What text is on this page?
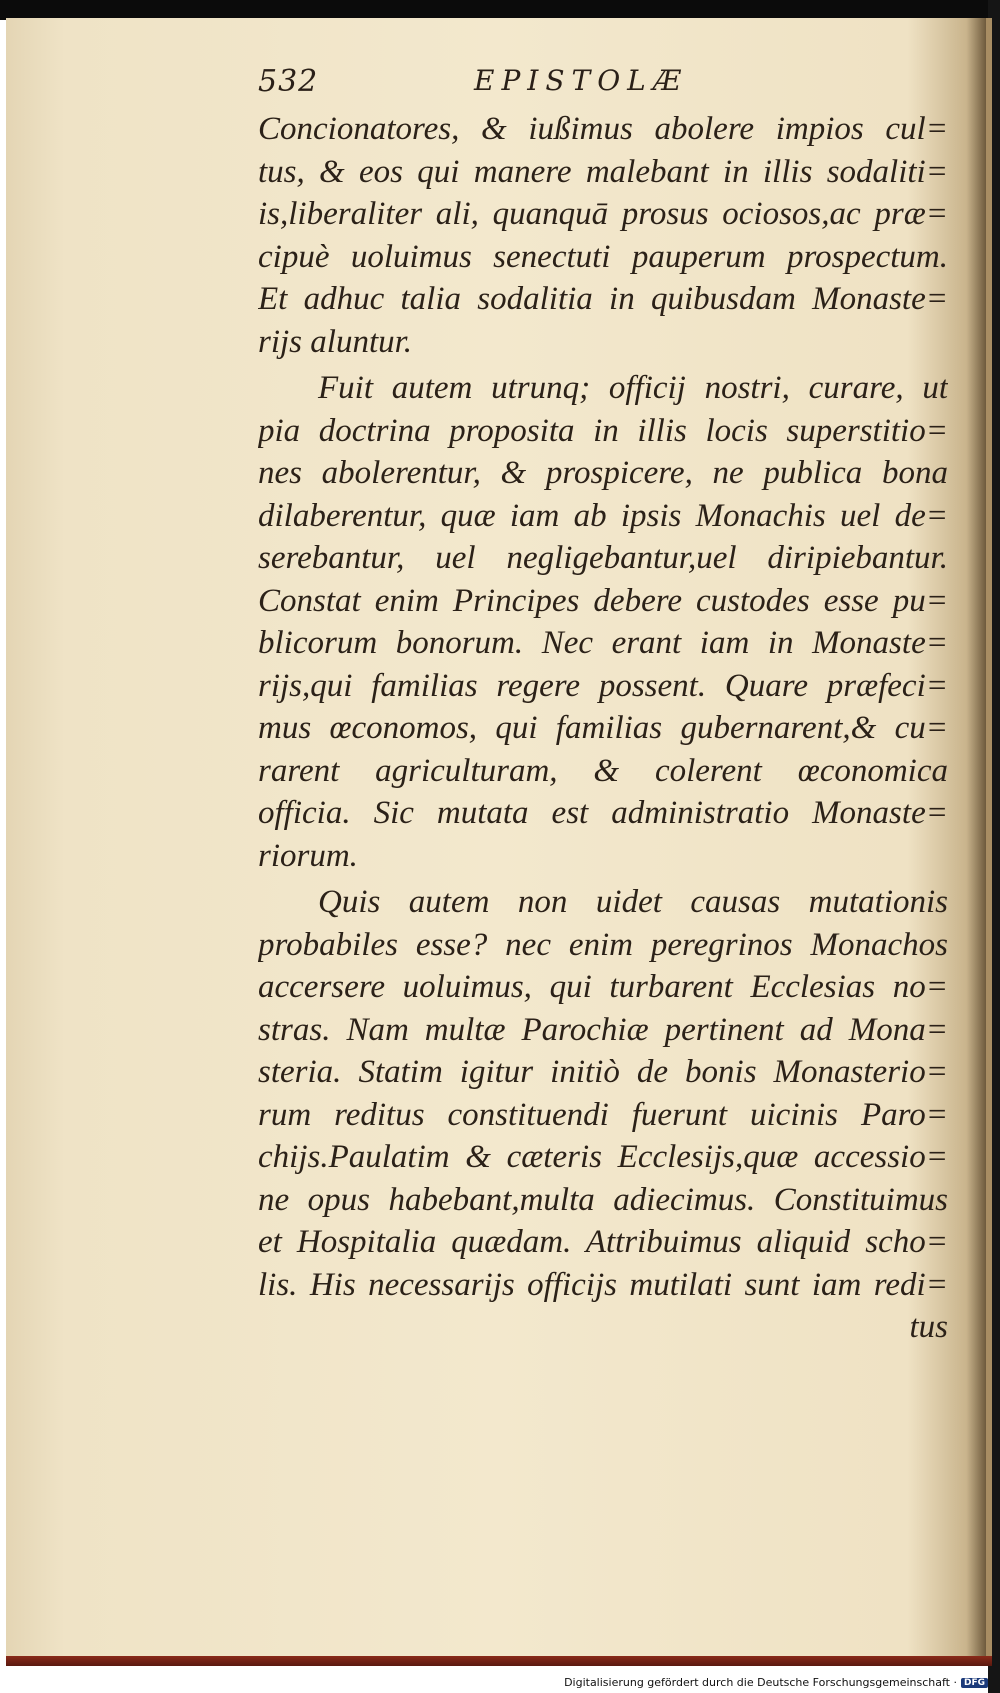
532	EPISTOLÆ
Concionatores, & iußimus abolere impios cul=
tus, & eos qui manere malebant in illis sodaliti=
is,liberaliter ali, quanquā prosus ociosos,ac præ=
cipuè uoluimus senectuti pauperum prospectum.
Et adhuc talia sodalitia in quibusdam Monaste=
rijs aluntur.
Fuit autem utrunq; officij nostri, curare, ut
pia doctrina proposita in illis locis superstitio=
nes abolerentur, & prospicere, ne publica bona
dilaberentur, quæ iam ab ipsis Monachis uel de=
serebantur, uel negligebantur,uel diripiebantur.
Constat enim Principes debere custodes esse pu=
blicorum bonorum. Nec erant iam in Monaste=
rijs,qui familias regere possent. Quare præfeci=
mus œconomos, qui familias gubernarent,& cu=
rarent agriculturam, & colerent œconomica
officia. Sic mutata est administratio Monaste=
riorum.
Quis autem non uidet causas mutationis
probabiles esse? nec enim peregrinos Monachos
accersere uoluimus, qui turbarent Ecclesias no=
stras. Nam multæ Parochiæ pertinent ad Mona=
steria. Statim igitur initiò de bonis Monasterio=
rum reditus constituendi fuerunt uicinis Paro=
chijs.Paulatim & cæteris Ecclesijs,quæ accessio=
ne opus habebant,multa adiecimus. Constituimus
et Hospitalia quædam. Attribuimus aliquid scho=
lis. His necessarijs officijs mutilati sunt iam redi=
tus
Digitalisierung gefördert durch die Deutsche Forschungsgemeinschaft · DFG
